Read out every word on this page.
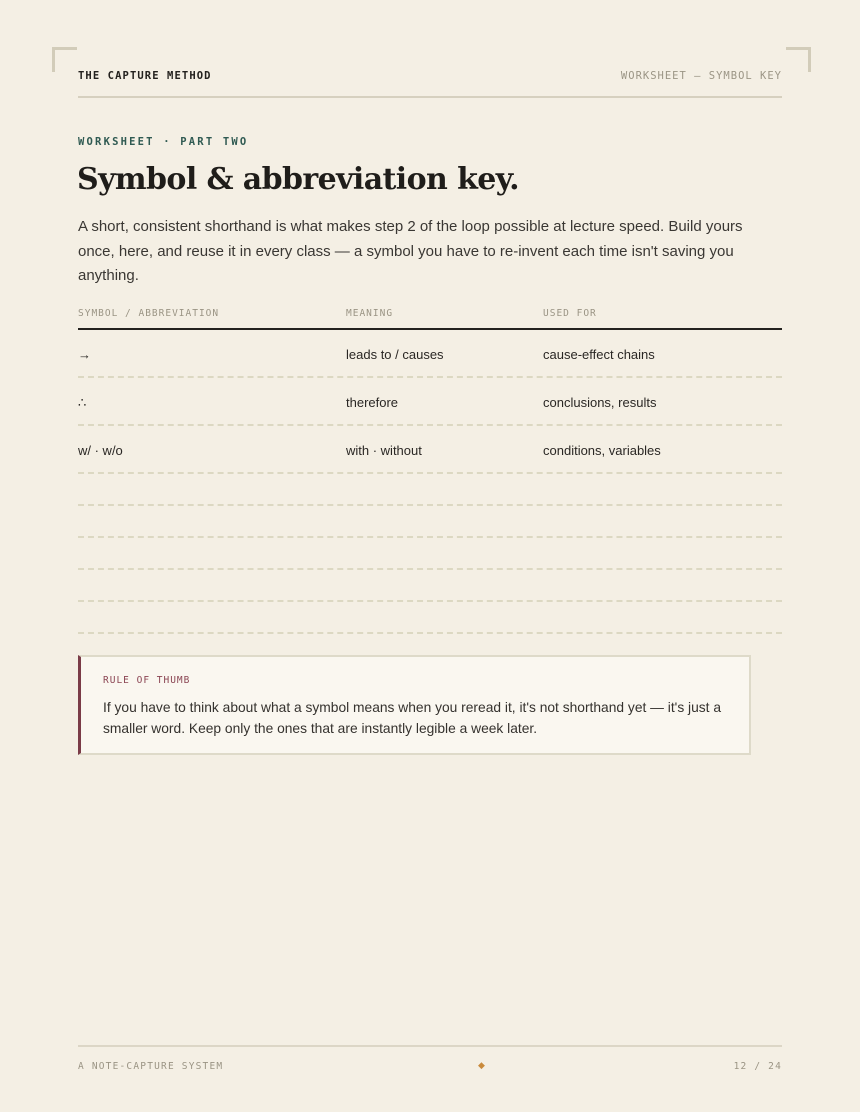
THE CAPTURE METHOD	WORKSHEET — SYMBOL KEY
WORKSHEET · PART TWO
Symbol & abbreviation key.

A short, consistent shorthand is what makes step 2 of the loop possible at lecture speed. Build yours once, here, and reuse it in every class — a symbol you have to re-invent each time isn't saving you anything.

SYMBOL / ABBREVIATION	MEANING	USED FOR
→	leads to / causes	cause-effect chains
∴	therefore	conclusions, results
w/ · w/o	with · without	conditions, variables
RULE OF THUMB

If you have to think about what a symbol means when you reread it, it's not shorthand yet — it's just a smaller word. Keep only the ones that are instantly legible a week later.

A NOTE-CAPTURE SYSTEM	◆	12 / 24
